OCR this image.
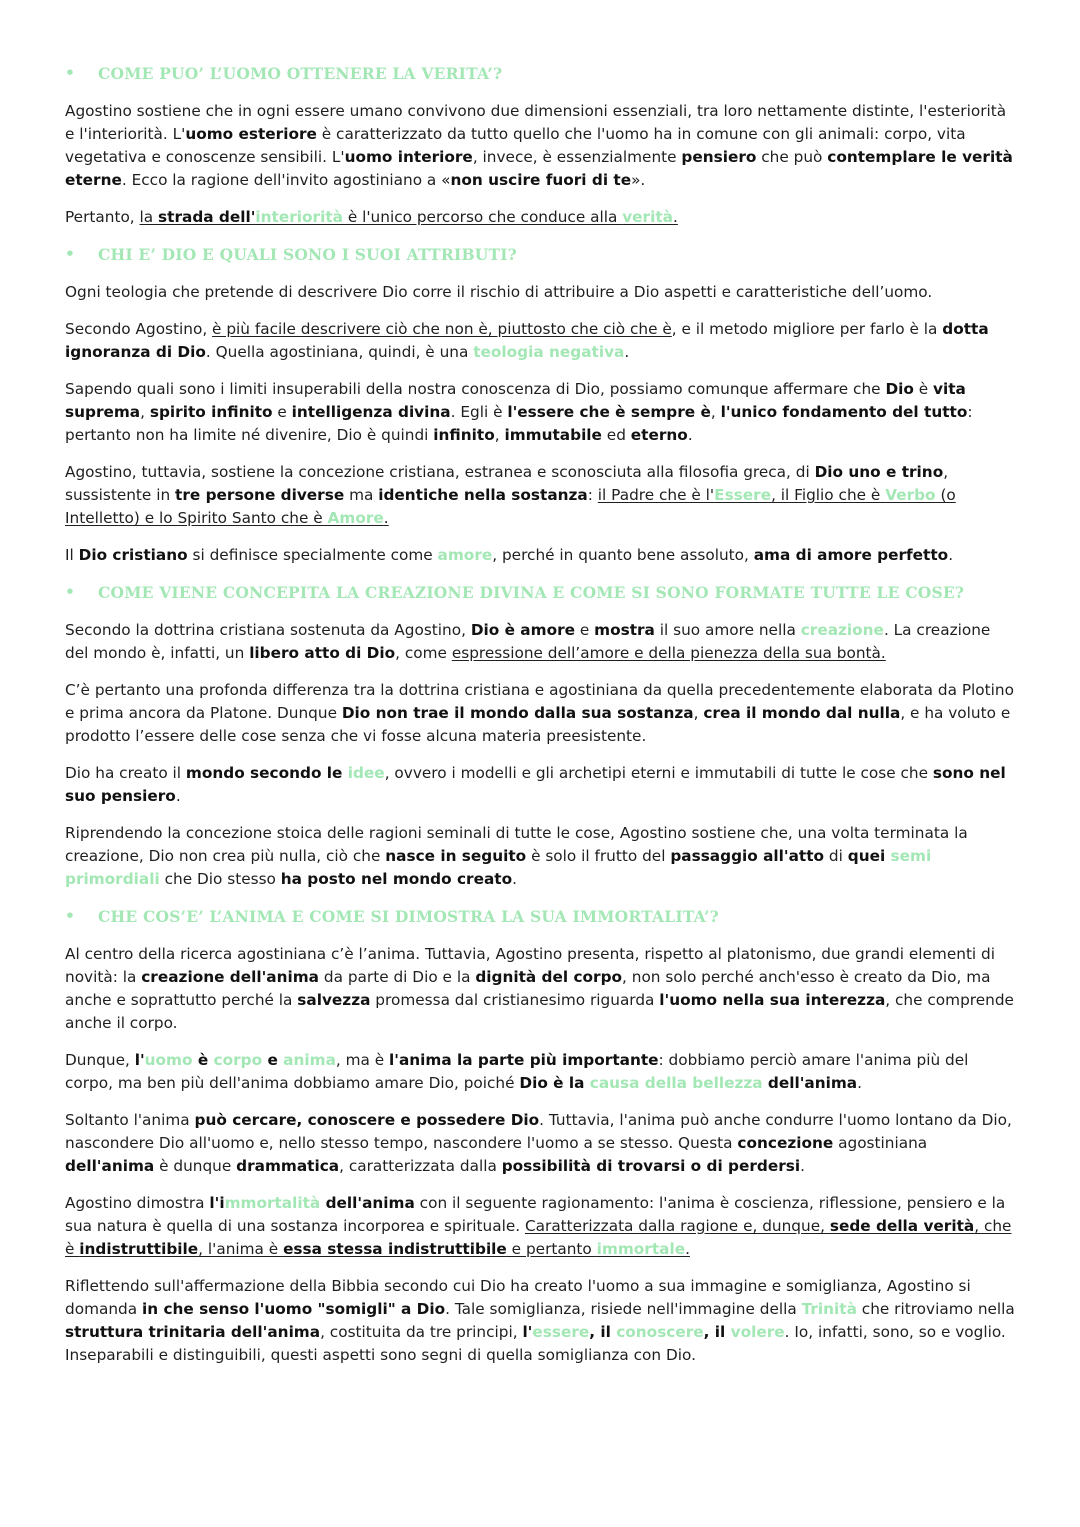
• COME PUO’ L’UOMO OTTENERE LA VERITA’?

Agostino sostiene che in ogni essere umano convivono due dimensioni essenziali, tra loro nettamente distinte, l'esteriorità e l'interiorità. L'uomo esteriore è caratterizzato da tutto quello che l'uomo ha in comune con gli animali: corpo, vita vegetativa e conoscenze sensibili. L'uomo interiore, invece, è essenzialmente pensiero che può contemplare le verità eterne. Ecco la ragione dell'invito agostiniano a «non uscire fuori di te».

Pertanto, la strada dell'interiorità è l'unico percorso che conduce alla verità.

• CHI E’ DIO E QUALI SONO I SUOI ATTRIBUTI?

Ogni teologia che pretende di descrivere Dio corre il rischio di attribuire a Dio aspetti e caratteristiche dell’uomo.

Secondo Agostino, è più facile descrivere ciò che non è, piuttosto che ciò che è, e il metodo migliore per farlo è la dotta ignoranza di Dio. Quella agostiniana, quindi, è una teologia negativa.

Sapendo quali sono i limiti insuperabili della nostra conoscenza di Dio, possiamo comunque affermare che Dio è vita suprema, spirito infinito e intelligenza divina. Egli è l'essere che è sempre è, l'unico fondamento del tutto: pertanto non ha limite né divenire, Dio è quindi infinito, immutabile ed eterno.

Agostino, tuttavia, sostiene la concezione cristiana, estranea e sconosciuta alla filosofia greca, di Dio uno e trino, sussistente in tre persone diverse ma identiche nella sostanza: il Padre che è l'Essere, il Figlio che è Verbo (o Intelletto) e lo Spirito Santo che è Amore.

Il Dio cristiano si definisce specialmente come amore, perché in quanto bene assoluto, ama di amore perfetto.

• COME VIENE CONCEPITA LA CREAZIONE DIVINA E COME SI SONO FORMATE TUTTE LE COSE?

Secondo la dottrina cristiana sostenuta da Agostino, Dio è amore e mostra il suo amore nella creazione. La creazione del mondo è, infatti, un libero atto di Dio, come espressione dell’amore e della pienezza della sua bontà.

C’è pertanto una profonda differenza tra la dottrina cristiana e agostiniana da quella precedentemente elaborata da Plotino e prima ancora da Platone. Dunque Dio non trae il mondo dalla sua sostanza, crea il mondo dal nulla, e ha voluto e prodotto l’essere delle cose senza che vi fosse alcuna materia preesistente.

Dio ha creato il mondo secondo le idee, ovvero i modelli e gli archetipi eterni e immutabili di tutte le cose che sono nel suo pensiero.

Riprendendo la concezione stoica delle ragioni seminali di tutte le cose, Agostino sostiene che, una volta terminata la creazione, Dio non crea più nulla, ciò che nasce in seguito è solo il frutto del passaggio all'atto di quei semi primordiali che Dio stesso ha posto nel mondo creato.

• CHE COS’E’ L’ANIMA E COME SI DIMOSTRA LA SUA IMMORTALITA’?

Al centro della ricerca agostiniana c’è l’anima. Tuttavia, Agostino presenta, rispetto al platonismo, due grandi elementi di novità: la creazione dell'anima da parte di Dio e la dignità del corpo, non solo perché anch'esso è creato da Dio, ma anche e soprattutto perché la salvezza promessa dal cristianesimo riguarda l'uomo nella sua interezza, che comprende anche il corpo.

Dunque, l'uomo è corpo e anima, ma è l'anima la parte più importante: dobbiamo perciò amare l'anima più del corpo, ma ben più dell'anima dobbiamo amare Dio, poiché Dio è la causa della bellezza dell'anima.

Soltanto l'anima può cercare, conoscere e possedere Dio. Tuttavia, l'anima può anche condurre l'uomo lontano da Dio, nascondere Dio all'uomo e, nello stesso tempo, nascondere l'uomo a se stesso. Questa concezione agostiniana dell'anima è dunque drammatica, caratterizzata dalla possibilità di trovarsi o di perdersi.

Agostino dimostra l'immortalità dell'anima con il seguente ragionamento: l'anima è coscienza, riflessione, pensiero e la sua natura è quella di una sostanza incorporea e spirituale. Caratterizzata dalla ragione e, dunque, sede della verità, che è indistruttibile, l'anima è essa stessa indistruttibile e pertanto immortale.

Riflettendo sull'affermazione della Bibbia secondo cui Dio ha creato l'uomo a sua immagine e somiglianza, Agostino si domanda in che senso l'uomo "somigli" a Dio. Tale somiglianza, risiede nell'immagine della Trinità che ritroviamo nella struttura trinitaria dell'anima, costituita da tre principi, l'essere, il conoscere, il volere. Io, infatti, sono, so e voglio. Inseparabili e distinguibili, questi aspetti sono segni di quella somiglianza con Dio.
